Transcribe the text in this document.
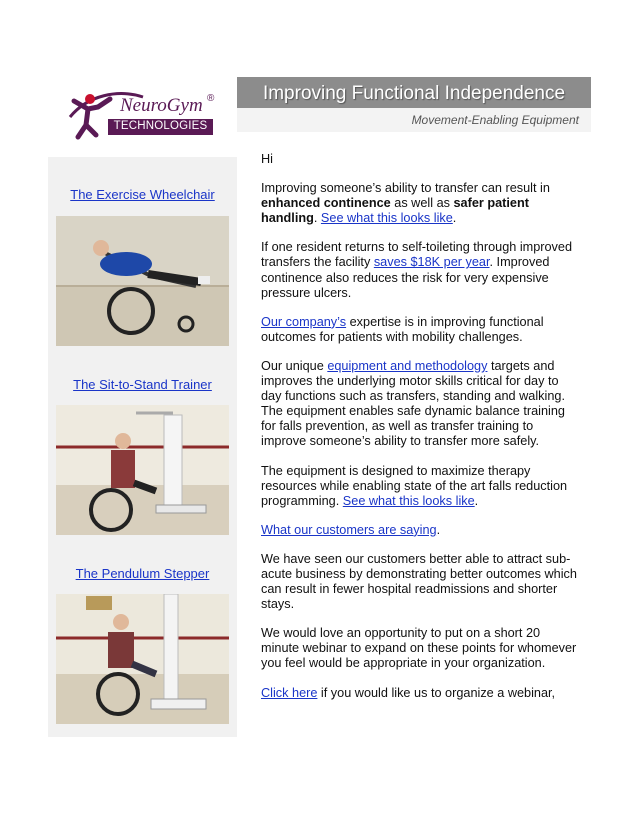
NeuroGym ®
TECHNOLOGIES
The Exercise Wheelchair
The Sit-to-Stand Trainer
The Pendulum Stepper
Improving Functional Independence
Movement-Enabling Equipment

Hi

Improving someone’s ability to transfer can result in enhanced continence as well as safer patient handling. See what this looks like.

If one resident returns to self-toileting through improved transfers the facility saves $18K per year. Improved continence also reduces the risk for very expensive pressure ulcers.

Our company’s expertise is in improving functional outcomes for patients with mobility challenges.

Our unique equipment and methodology targets and improves the underlying motor skills critical for day to day functions such as transfers, standing and walking. The equipment enables safe dynamic balance training for falls prevention, as well as transfer training to improve someone’s ability to transfer more safely.

The equipment is designed to maximize therapy resources while enabling state of the art falls reduction programming. See what this looks like.

What our customers are saying.

We have seen our customers better able to attract sub-acute business by demonstrating better outcomes which can result in fewer hospital readmissions and shorter stays.

We would love an opportunity to put on a short 20 minute webinar to expand on these points for whomever you feel would be appropriate in your organization.

Click here if you would like us to organize a webinar,
